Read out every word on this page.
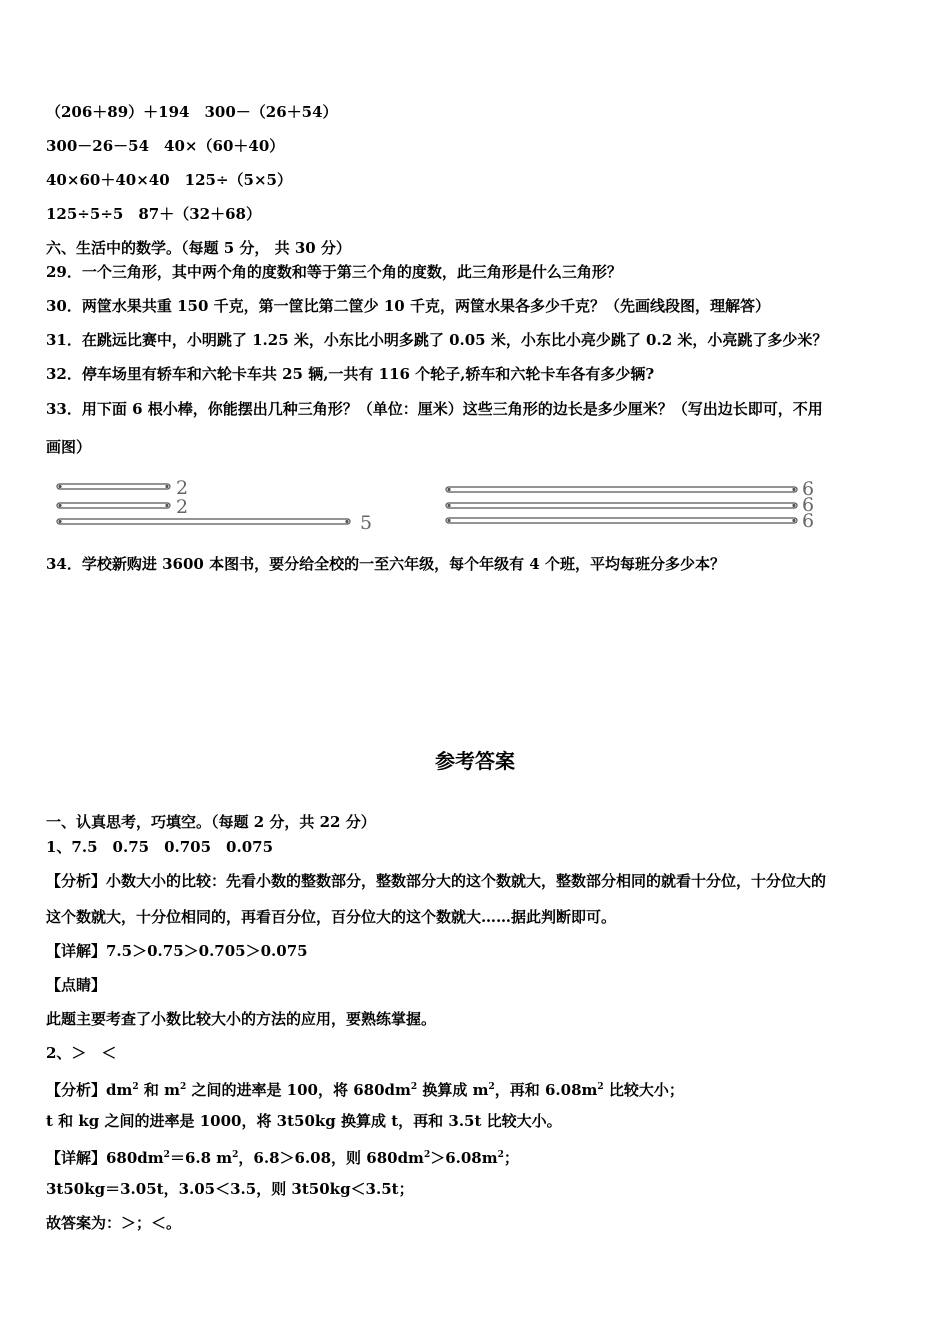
（206＋89）＋194　300－（26＋54）
300－26－54　40×（60＋40）
40×60＋40×40　125÷（5×5）
125÷5÷5　87＋（32＋68）
六、生活中的数学。（每题 5 分， 共 30 分）
29．一个三角形，其中两个角的度数和等于第三个角的度数，此三角形是什么三角形？
30．两筐水果共重 150 千克，第一筐比第二筐少 10 千克，两筐水果各多少千克？（先画线段图，理解答）
31．在跳远比赛中，小明跳了 1.25 米，小东比小明多跳了 0.05 米，小东比小亮少跳了 0.2 米，小亮跳了多少米？
32．停车场里有轿车和六轮卡车共 25 辆,一共有 116 个轮子,轿车和六轮卡车各有多少辆?
33．用下面 6 根小棒，你能摆出几种三角形？（单位：厘米）这些三角形的边长是多少厘米？（写出边长即可，不用
画图）
2
2
5
6
6
6
34．学校新购进 3600 本图书，要分给全校的一至六年级，每个年级有 4 个班，平均每班分多少本？
参考答案
一、认真思考，巧填空。（每题 2 分，共 22 分）
1、7.5　0.75　0.705　0.075
【分析】小数大小的比较：先看小数的整数部分，整数部分大的这个数就大，整数部分相同的就看十分位，十分位大的
这个数就大，十分位相同的，再看百分位，百分位大的这个数就大……据此判断即可。
【详解】7.5＞0.75＞0.705＞0.075
【点睛】
此题主要考查了小数比较大小的方法的应用，要熟练掌握。
2、＞　＜
【分析】$dm^2$ 和 $m^2$ 之间的进率是 100，将 $680dm^2$ 换算成 $m^2$，再和 $6.08m^2$ 比较大小；
t 和 kg 之间的进率是 1000，将 3t50kg 换算成 t，再和 3.5t 比较大小。
【详解】$680dm^2=6.8$ $m^2$，6.8＞6.08，则 $680dm^2>6.08m^2$；
3t50kg＝3.05t，3.05＜3.5，则 3t50kg＜3.5t；
故答案为：＞；＜。
